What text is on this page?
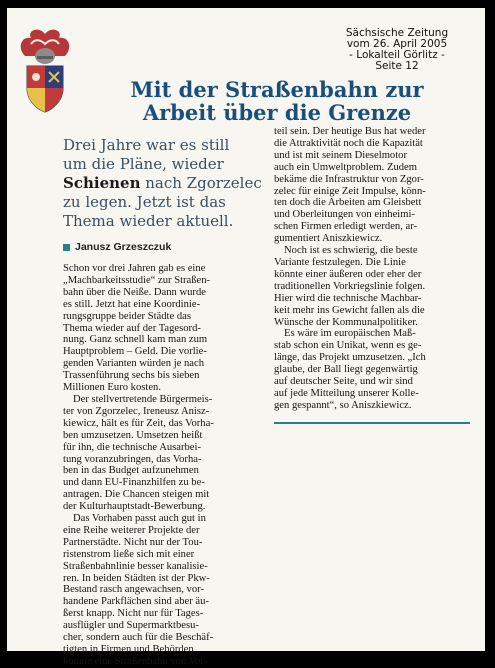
Sächsische Zeitung
vom 26. April 2005
- Lokalteil Görlitz -
Seite 12
Mit der Straßenbahn zur
Arbeit über die Grenze
Drei Jahre war es still
um die Pläne, wieder
Schienen nach Zgorzelec
zu legen. Jetzt ist das
Thema wieder aktuell.
Janusz Grzeszczuk
Schon vor drei Jahren gab es eine
„Machbarkeitsstudie“ zur Straßen-
bahn über die Neiße. Dann wurde
es still. Jetzt hat eine Koordinie-
rungsgruppe beider Städte das
Thema wieder auf der Tagesord-
nung. Ganz schnell kam man zum
Hauptproblem – Geld. Die vorlie-
genden Varianten würden je nach
Trassenführung sechs bis sieben
Millionen Euro kosten.
Der stellvertretende Bürgermeis-
ter von Zgorzelec, Ireneusz Anisz-
kiewicz, hält es für Zeit, das Vorha-
ben umzusetzen. Umsetzen heißt
für ihn, die technische Ausarbei-
tung voranzubringen, das Vorha-
ben in das Budget aufzunehmen
und dann EU-Finanzhilfen zu be-
antragen. Die Chancen steigen mit
der Kulturhauptstadt-Bewerbung.
Das Vorhaben passt auch gut in
eine Reihe weiterer Projekte der
Partnerstädte. Nicht nur der Tou-
ristenstrom ließe sich mit einer
Straßenbahnlinie besser kanalisie-
ren. In beiden Städten ist der Pkw-
Bestand rasch angewachsen, vor-
handene Parkflächen sind aber äu-
ßerst knapp. Nicht nur für Tages-
ausflügler und Supermarktbesu-
cher, sondern auch für die Beschäf-
tigten in Firmen und Behörden
könnte eine Straßenbahn von Vor-
teil sein. Der heutige Bus hat weder
die Attraktivität noch die Kapazität
und ist mit seinem Dieselmotor
auch ein Umweltproblem. Zudem
bekäme die Infrastruktur von Zgor-
zelec für einige Zeit Impulse, könn-
ten doch die Arbeiten am Gleisbett
und Oberleitungen von einheimi-
schen Firmen erledigt werden, ar-
gumentiert Aniszkiewicz.
Noch ist es schwierig, die beste
Variante festzulegen. Die Linie
könnte einer äußeren oder eher der
traditionellen Vorkriegslinie folgen.
Hier wird die technische Machbar-
keit mehr ins Gewicht fallen als die
Wünsche der Kommunalpolitiker.
Es wäre im europäischen Maß-
stab schon ein Unikat, wenn es ge-
länge, das Projekt umzusetzen. „Ich
glaube, der Ball liegt gegenwärtig
auf deutscher Seite, und wir sind
auf jede Mitteilung unserer Kolle-
gen gespannt“, so Aniszkiewicz.
